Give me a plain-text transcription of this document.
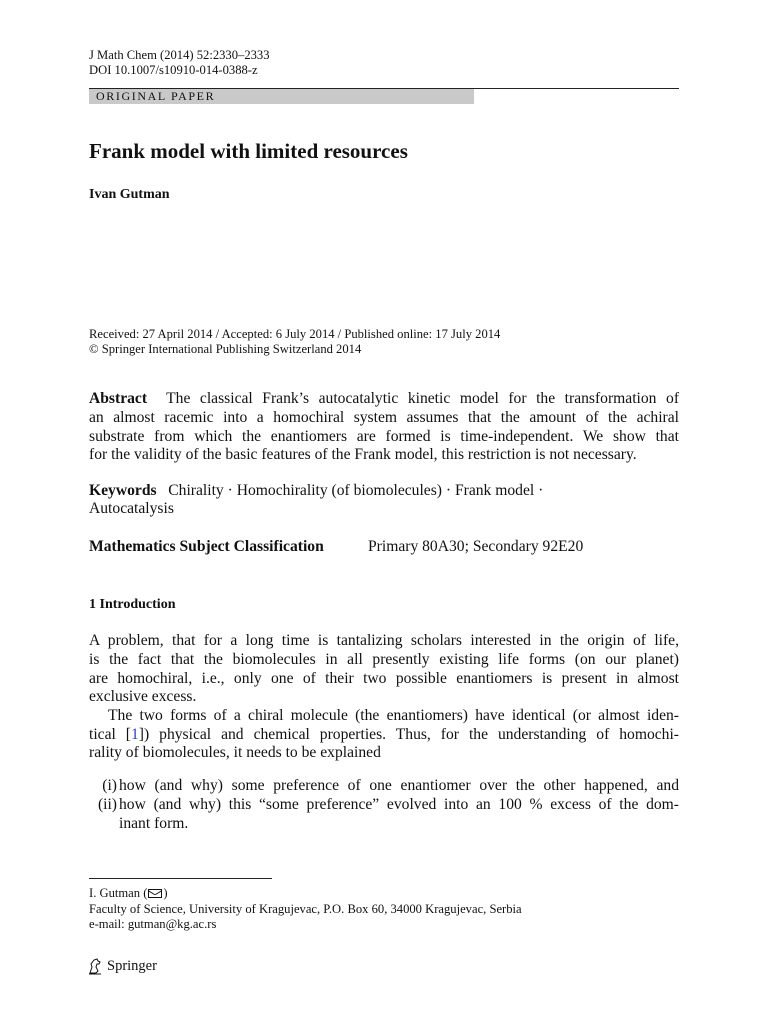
J Math Chem (2014) 52:2330–2333
DOI 10.1007/s10910-014-0388-z
ORIGINAL PAPER
Frank model with limited resources
Ivan Gutman
Received: 27 April 2014 / Accepted: 6 July 2014 / Published online: 17 July 2014
© Springer International Publishing Switzerland 2014
Abstract The classical Frank’s autocatalytic kinetic model for the transformation of
an almost racemic into a homochiral system assumes that the amount of the achiral
substrate from which the enantiomers are formed is time-independent. We show that
for the validity of the basic features of the Frank model, this restriction is not necessary.
Keywords Chirality · Homochirality (of biomolecules) · Frank model ·
Autocatalysis
Mathematics Subject Classification	Primary 80A30; Secondary 92E20
1 Introduction
A problem, that for a long time is tantalizing scholars interested in the origin of life,
is the fact that the biomolecules in all presently existing life forms (on our planet)
are homochiral, i.e., only one of their two possible enantiomers is present in almost
exclusive excess.
The two forms of a chiral molecule (the enantiomers) have identical (or almost iden-
tical [1]) physical and chemical properties. Thus, for the understanding of homochi-
rality of biomolecules, it needs to be explained
(i) how (and why) some preference of one enantiomer over the other happened, and
(ii) how (and why) this “some preference” evolved into an 100 % excess of the dom-
inant form.
I. Gutman ( )
Faculty of Science, University of Kragujevac, P.O. Box 60, 34000 Kragujevac, Serbia
e-mail: gutman@kg.ac.rs
Springer
